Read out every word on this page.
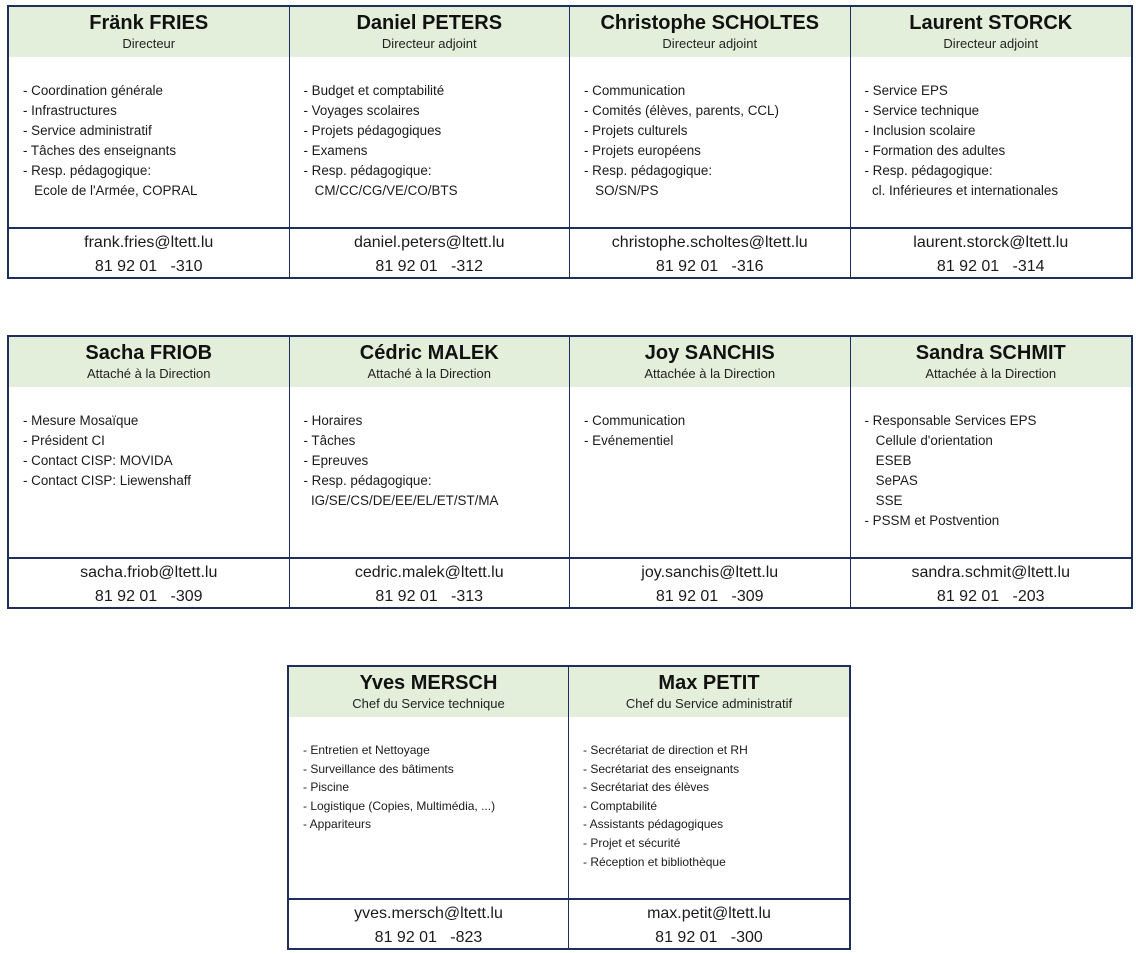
Fränk FRIES
Directeur
- Coordination générale
- Infrastructures
- Service administratif
- Tâches des enseignants
- Resp. pédagogique:
Ecole de l'Armée, COPRAL
frank.fries@ltett.lu
81 92 01   -310
Daniel PETERS
Directeur adjoint
- Budget et comptabilité
- Voyages scolaires
- Projets pédagogiques
- Examens
- Resp. pédagogique:
CM/CC/CG/VE/CO/BTS
daniel.peters@ltett.lu
81 92 01   -312
Christophe SCHOLTES
Directeur adjoint
- Communication
- Comités (élèves, parents, CCL)
- Projets culturels
- Projets européens
- Resp. pédagogique:
SO/SN/PS
christophe.scholtes@ltett.lu
81 92 01   -316
Laurent STORCK
Directeur adjoint
- Service EPS
- Service technique
- Inclusion scolaire
- Formation des adultes
- Resp. pédagogique:
cl. Inférieures et internationales
laurent.storck@ltett.lu
81 92 01   -314
Sacha FRIOB
Attaché à la Direction
- Mesure Mosaïque
- Président CI
- Contact CISP: MOVIDA
- Contact CISP: Liewenshaff
sacha.friob@ltett.lu
81 92 01   -309
Cédric MALEK
Attaché à la Direction
- Horaires
- Tâches
- Epreuves
- Resp. pédagogique:
IG/SE/CS/DE/EE/EL/ET/ST/MA
cedric.malek@ltett.lu
81 92 01   -313
Joy SANCHIS
Attachée à la Direction
- Communication
- Evénementiel
joy.sanchis@ltett.lu
81 92 01   -309
Sandra SCHMIT
Attachée à la Direction
- Responsable Services EPS
Cellule d'orientation
ESEB
SePAS
SSE
- PSSM et Postvention
sandra.schmit@ltett.lu
81 92 01   -203
Yves MERSCH
Chef du Service technique
- Entretien et Nettoyage
- Surveillance des bâtiments
- Piscine
- Logistique (Copies, Multimédia, ...)
- Appariteurs
yves.mersch@ltett.lu
81 92 01   -823
Max PETIT
Chef du Service administratif
- Secrétariat de direction et RH
- Secrétariat des enseignants
- Secrétariat des élèves
- Comptabilité
- Assistants pédagogiques
- Projet et sécurité
- Réception et bibliothèque
max.petit@ltett.lu
81 92 01   -300
